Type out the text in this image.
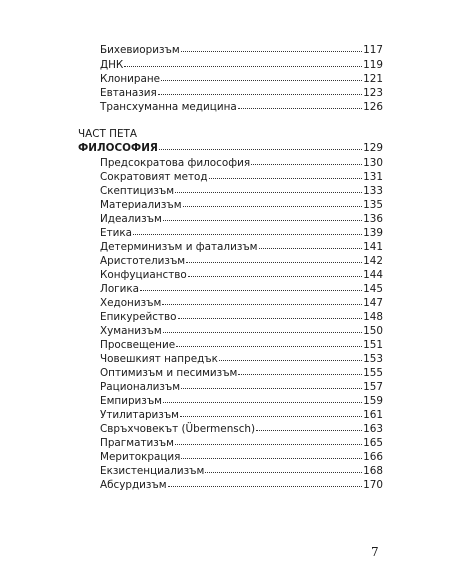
Бихевиоризъм	117
ДНК	119
Клониране	121
Евтаназия	123
Трансхуманна медицина	126
ЧАСТ ПЕТА
ФИЛОСОФИЯ	129
Предсократова философия	130
Сократовият метод	131
Скептицизъм	133
Материализъм	135
Идеализъм	136
Етика	139
Детерминизъм и фатализъм	141
Аристотелизъм	142
Конфуцианство	144
Логика	145
Хедонизъм	147
Епикурейство	148
Хуманизъм	150
Просвещение	151
Човешкият напредък	153
Оптимизъм и песимизъм	155
Рационализъм	157
Емпиризъм	159
Утилитаризъм	161
Свръхчовекът (Übermensch)	163
Прагматизъм	165
Меритокрация	166
Екзистенциализъм	168
Абсурдизъм	170
7
